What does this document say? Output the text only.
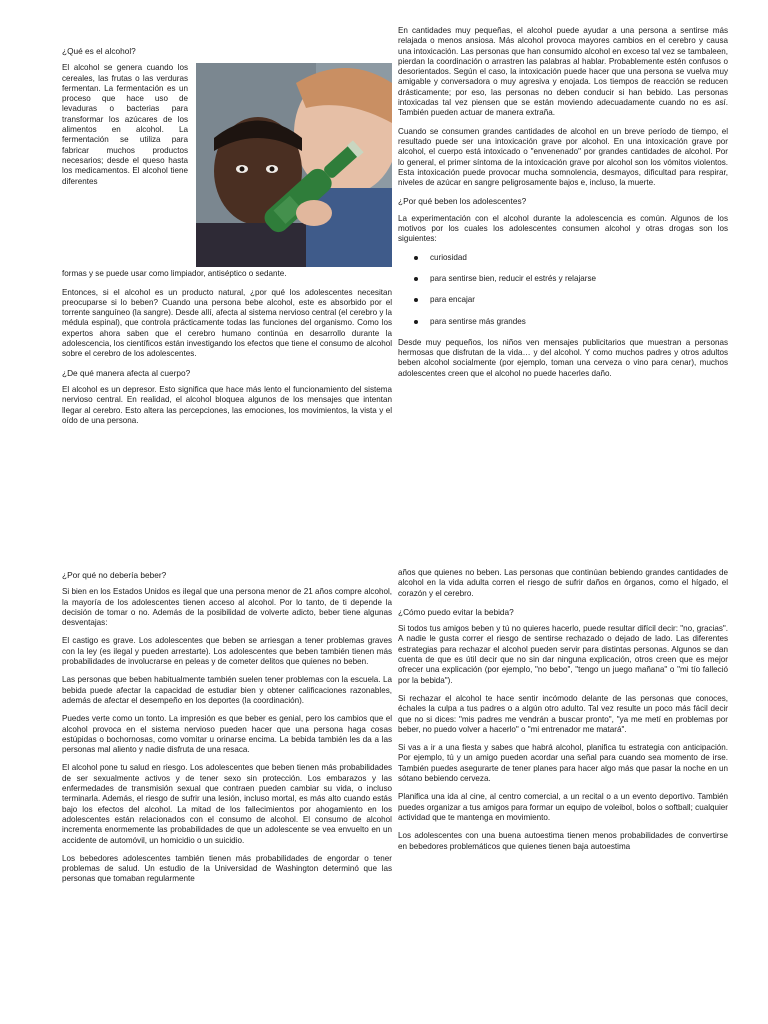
¿Qué es el alcohol?
El alcohol se genera cuando los cereales, las frutas o las verduras fermentan. La fermentación es un proceso que hace uso de levaduras o bacterias para transformar los azúcares de los alimentos en alcohol. La fermentación se utiliza para fabricar muchos productos necesarios; desde el queso hasta los medicamentos. El alcohol tiene diferentes
formas y se puede usar como limpiador, antiséptico o sedante.

Entonces, si el alcohol es un producto natural, ¿por qué los adolescentes necesitan preocuparse si lo beben? Cuando una persona bebe alcohol, este es absorbido por el torrente sanguíneo (la sangre). Desde allí, afecta al sistema nervioso central (el cerebro y la médula espinal), que controla prácticamente todas las funciones del organismo. Como los expertos ahora saben que el cerebro humano continúa en desarrollo durante la adolescencia, los científicos están investigando los efectos que tiene el consumo de alcohol sobre el cerebro de los adolescentes.

¿De qué manera afecta al cuerpo?

El alcohol es un depresor. Esto significa que hace más lento el funcionamiento del sistema nervioso central. En realidad, el alcohol bloquea algunos de los mensajes que intentan llegar al cerebro. Esto altera las percepciones, las emociones, los movimientos, la vista y el oído de una persona.

En cantidades muy pequeñas, el alcohol puede ayudar a una persona a sentirse más relajada o menos ansiosa. Más alcohol provoca mayores cambios en el cerebro y causa una intoxicación. Las personas que han consumido alcohol en exceso tal vez se tambaleen, pierdan la coordinación o arrastren las palabras al hablar. Probablemente estén confusos o desorientados. Según el caso, la intoxicación puede hacer que una persona se vuelva muy amigable y conversadora o muy agresiva y enojada. Los tiempos de reacción se reducen drásticamente; por eso, las personas no deben conducir si han bebido. Las personas intoxicadas tal vez piensen que se están moviendo adecuadamente cuando no es así. También pueden actuar de manera extraña.

Cuando se consumen grandes cantidades de alcohol en un breve período de tiempo, el resultado puede ser una intoxicación grave por alcohol. En una intoxicación grave por alcohol, el cuerpo está intoxicado o "envenenado" por grandes cantidades de alcohol. Por lo general, el primer síntoma de la intoxicación grave por alcohol son los vómitos violentos. Esta intoxicación puede provocar mucha somnolencia, desmayos, dificultad para respirar, niveles de azúcar en sangre peligrosamente bajos e, incluso, la muerte.

¿Por qué beben los adolescentes?

La experimentación con el alcohol durante la adolescencia es común. Algunos de los motivos por los cuales los adolescentes consumen alcohol y otras drogas son los siguientes:

curiosidad
para sentirse bien, reducir el estrés y relajarse
para encajar
para sentirse más grandes

Desde muy pequeños, los niños ven mensajes publicitarios que muestran a personas hermosas que disfrutan de la vida… y del alcohol. Y como muchos padres y otros adultos beben alcohol socialmente (por ejemplo, toman una cerveza o vino para cenar), muchos adolescentes creen que el alcohol no puede hacerles daño.

¿Por qué no debería beber?

Si bien en los Estados Unidos es ilegal que una persona menor de 21 años compre alcohol, la mayoría de los adolescentes tienen acceso al alcohol. Por lo tanto, de ti depende la decisión de tomar o no. Además de la posibilidad de volverte adicto, beber tiene algunas desventajas:

El castigo es grave. Los adolescentes que beben se arriesgan a tener problemas graves con la ley (es ilegal y pueden arrestarte). Los adolescentes que beben también tienen más probabilidades de involucrarse en peleas y de cometer delitos que quienes no beben.

Las personas que beben habitualmente también suelen tener problemas con la escuela. La bebida puede afectar la capacidad de estudiar bien y obtener calificaciones razonables, además de afectar el desempeño en los deportes (la coordinación).

Puedes verte como un tonto. La impresión es que beber es genial, pero los cambios que el alcohol provoca en el sistema nervioso pueden hacer que una persona haga cosas estúpidas o bochornosas, como vomitar u orinarse encima. La bebida también les da a las personas mal aliento y nadie disfruta de una resaca.

El alcohol pone tu salud en riesgo. Los adolescentes que beben tienen más probabilidades de ser sexualmente activos y de tener sexo sin protección. Los embarazos y las enfermedades de transmisión sexual que contraen pueden cambiar su vida, o incluso terminarla. Además, el riesgo de sufrir una lesión, incluso mortal, es más alto cuando estás bajo los efectos del alcohol. La mitad de los fallecimientos por ahogamiento en los adolescentes están relacionados con el consumo de alcohol. El consumo de alcohol incrementa enormemente las probabilidades de que un adolescente se vea envuelto en un accidente de automóvil, un homicidio o un suicidio.

Los bebedores adolescentes también tienen más probabilidades de engordar o tener problemas de salud. Un estudio de la Universidad de Washington determinó que las personas que tomaban regularmente

años que quienes no beben. Las personas que continúan bebiendo grandes cantidades de alcohol en la vida adulta corren el riesgo de sufrir daños en órganos, como el hígado, el corazón y el cerebro.

¿Cómo puedo evitar la bebida?

Si todos tus amigos beben y tú no quieres hacerlo, puede resultar difícil decir: "no, gracias". A nadie le gusta correr el riesgo de sentirse rechazado o dejado de lado. Las diferentes estrategias para rechazar el alcohol pueden servir para distintas personas. Algunos se dan cuenta de que es útil decir que no sin dar ninguna explicación, otros creen que es mejor ofrecer una explicación (por ejemplo, "no bebo", "tengo un juego mañana" o "mi tío falleció por la bebida").

Si rechazar el alcohol te hace sentir incómodo delante de las personas que conoces, échales la culpa a tus padres o a algún otro adulto. Tal vez resulte un poco más fácil decir que no si dices: "mis padres me vendrán a buscar pronto", "ya me metí en problemas por beber, no puedo volver a hacerlo" o "mi entrenador me matará".

Si vas a ir a una fiesta y sabes que habrá alcohol, planifica tu estrategia con anticipación. Por ejemplo, tú y un amigo pueden acordar una señal para cuando sea momento de irse. También puedes asegurarte de tener planes para hacer algo más que pasar la noche en un sótano bebiendo cerveza.

Planifica una ida al cine, al centro comercial, a un recital o a un evento deportivo. También puedes organizar a tus amigos para formar un equipo de voleibol, bolos o softball; cualquier actividad que te mantenga en movimiento.

Los adolescentes con una buena autoestima tienen menos probabilidades de convertirse en bebedores problemáticos que quienes tienen baja autoestima
